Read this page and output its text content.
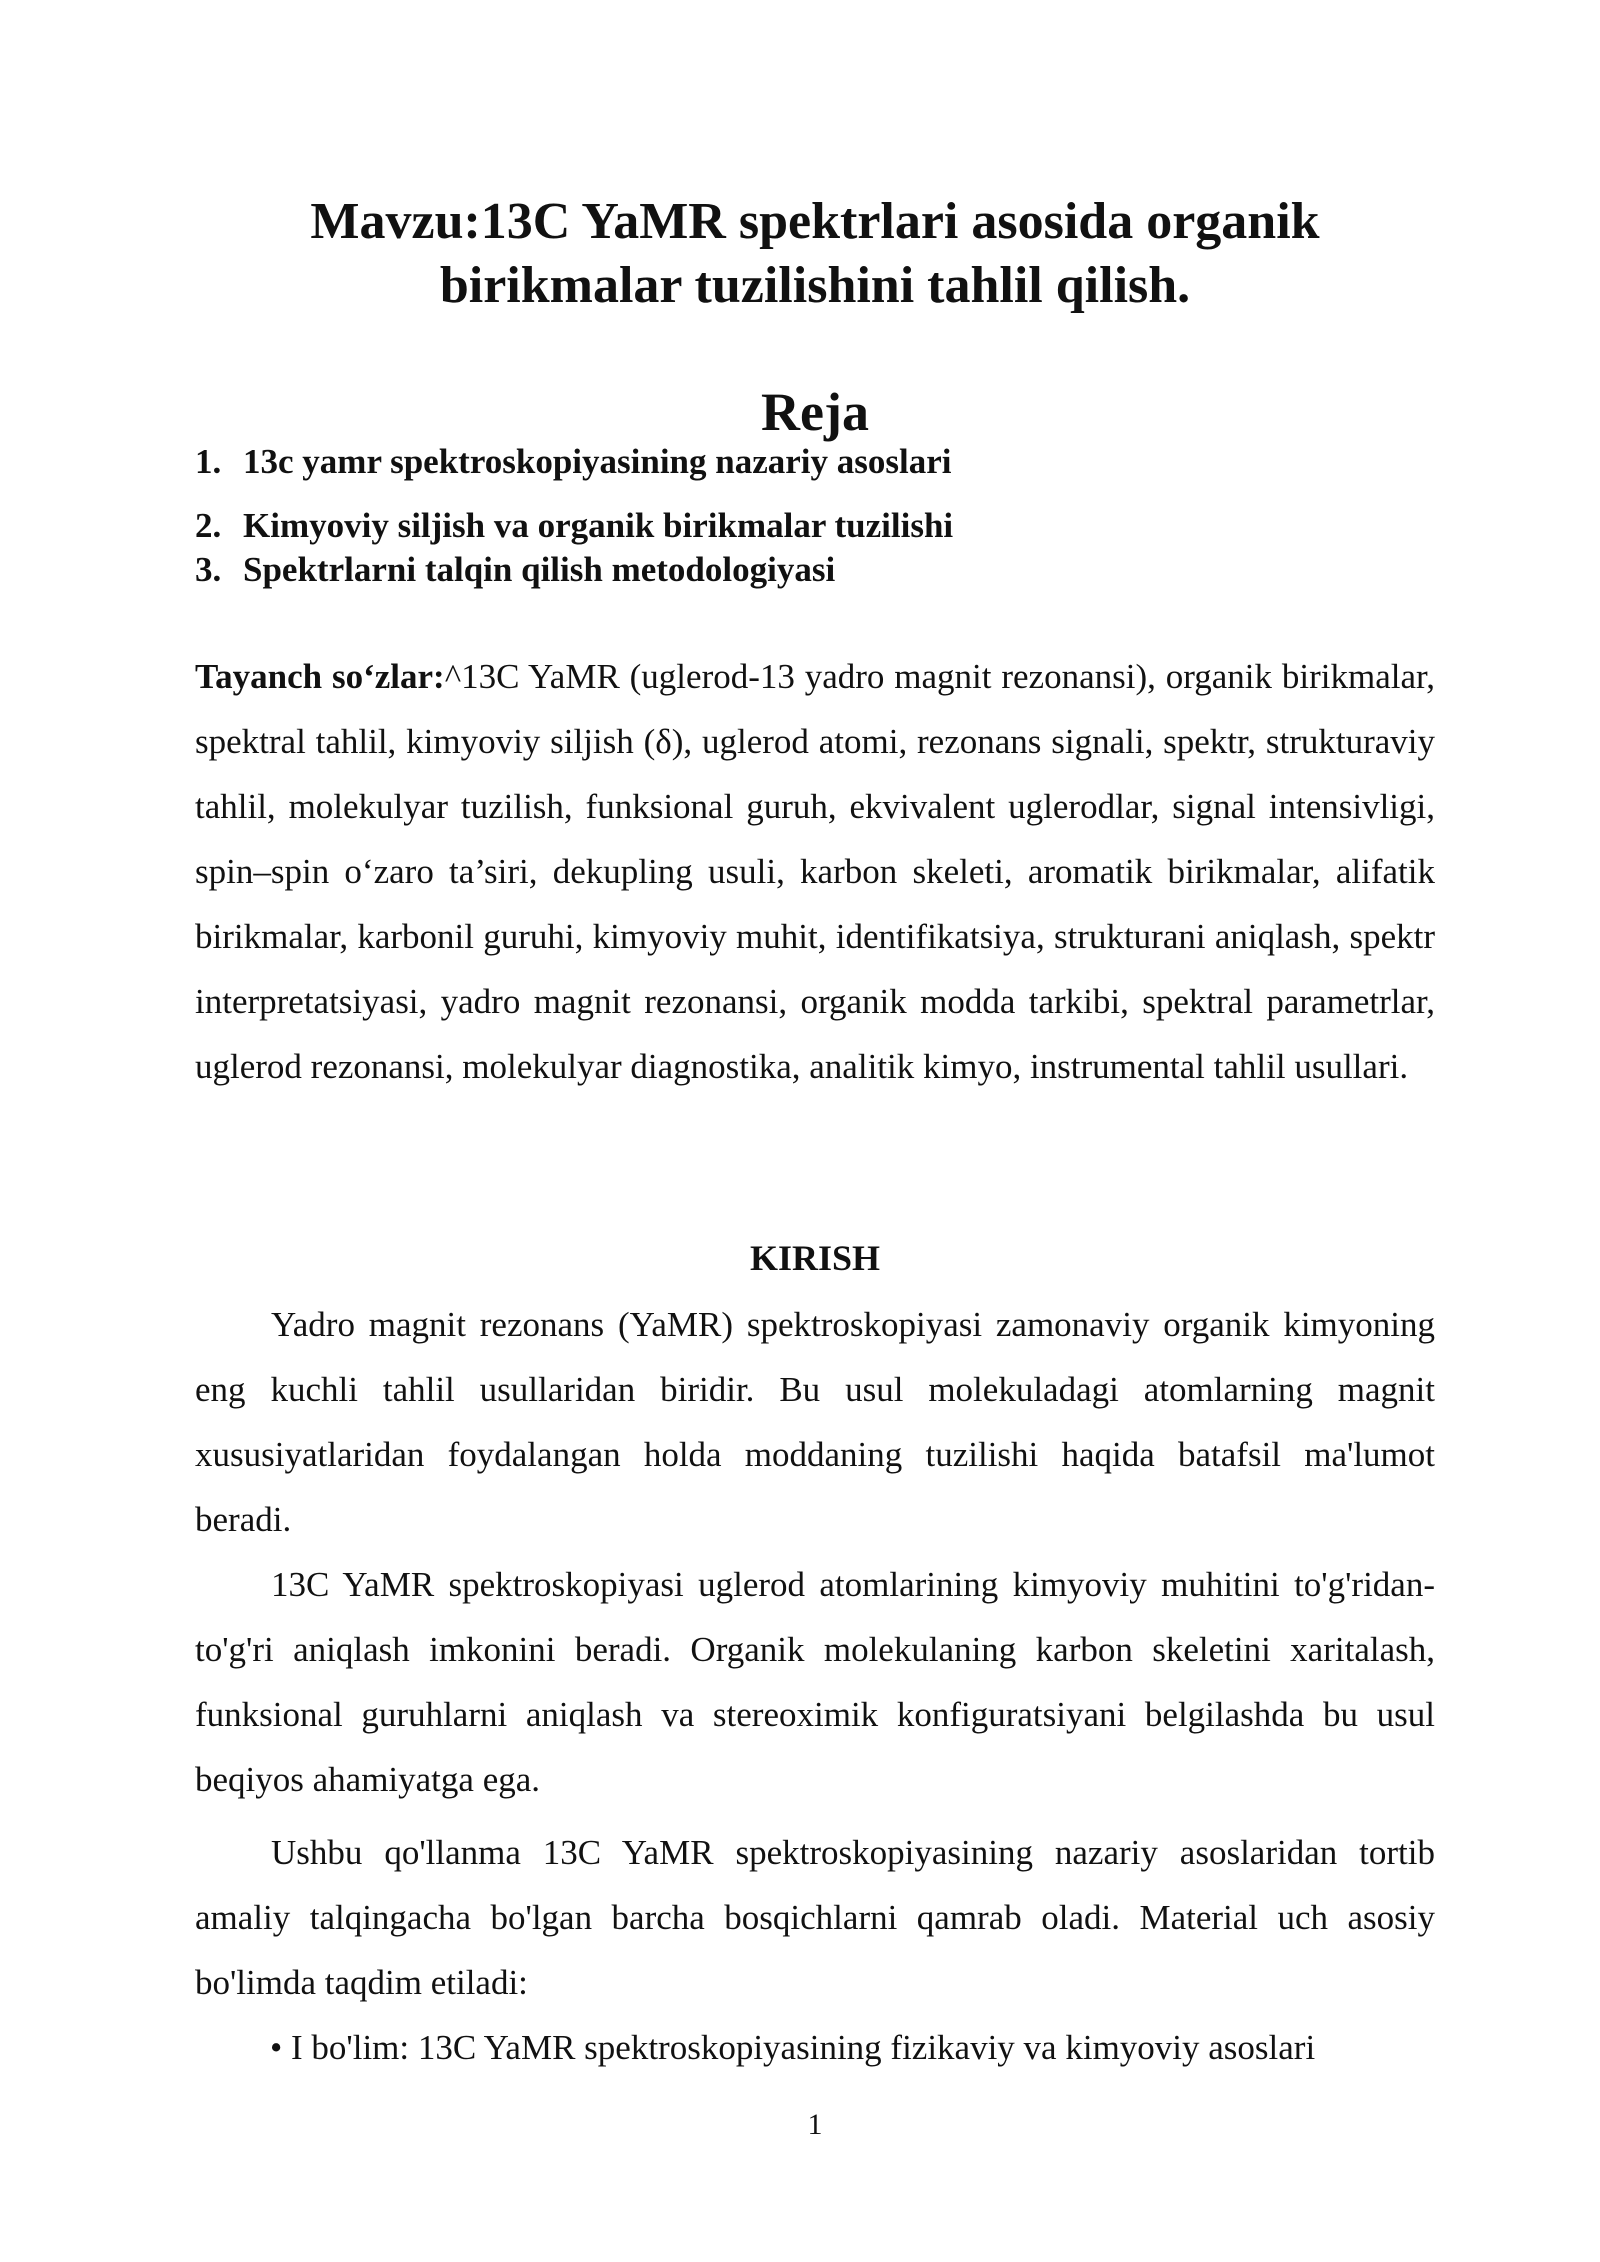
Mavzu:13C YaMR spektrlari asosida organik birikmalar tuzilishini tahlil qilish.
Reja
1. 13c yamr spektroskopiyasining nazariy asoslari
2. Kimyoviy siljish va organik birikmalar tuzilishi
3. Spektrlarni talqin qilish metodologiyasi

Tayanch so‘zlar:^13C YaMR (uglerod-13 yadro magnit rezonansi), organik birikmalar, spektral tahlil, kimyoviy siljish (δ), uglerod atomi, rezonans signali, spektr, strukturaviy tahlil, molekulyar tuzilish, funksional guruh, ekvivalent uglerodlar, signal intensivligi, spin–spin o‘zaro ta’siri, dekupling usuli, karbon skeleti, aromatik birikmalar, alifatik birikmalar, karbonil guruhi, kimyoviy muhit, identifikatsiya, strukturani aniqlash, spektr interpretatsiyasi, yadro magnit rezonansi, organik modda tarkibi, spektral parametrlar, uglerod rezonansi, molekulyar diagnostika, analitik kimyo, instrumental tahlil usullari.

KIRISH

Yadro magnit rezonans (YaMR) spektroskopiyasi zamonaviy organik kimyoning eng kuchli tahlil usullaridan biridir. Bu usul molekuladagi atomlarning magnit xususiyatlaridan foydalangan holda moddaning tuzilishi haqida batafsil ma'lumot beradi.

13C YaMR spektroskopiyasi uglerod atomlarining kimyoviy muhitini to'g'ridan-to'g'ri aniqlash imkonini beradi. Organik molekulaning karbon skeletini xaritalash, funksional guruhlarni aniqlash va stereoximik konfiguratsiyani belgilashda bu usul beqiyos ahamiyatga ega.

Ushbu qo'llanma 13C YaMR spektroskopiyasining nazariy asoslaridan tortib amaliy talqingacha bo'lgan barcha bosqichlarni qamrab oladi. Material uch asosiy bo'limda taqdim etiladi:

• I bo'lim: 13C YaMR spektroskopiyasining fizikaviy va kimyoviy asoslari
1
